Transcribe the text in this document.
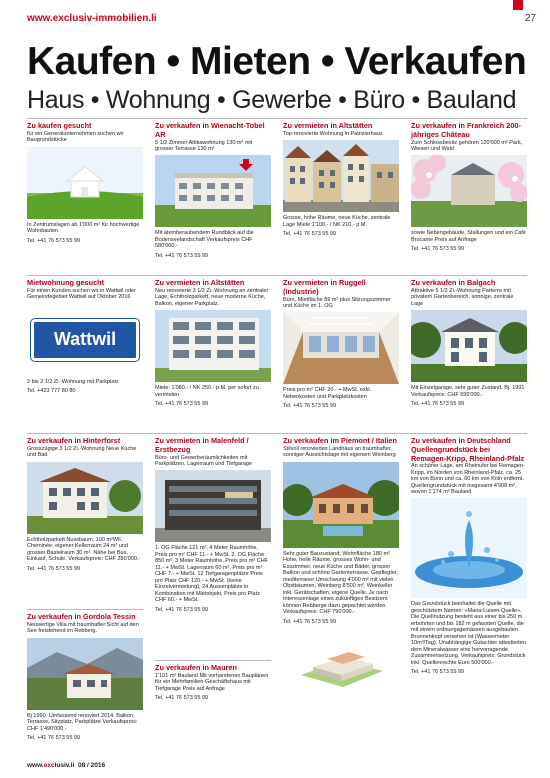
www.exclusiv-immobilien.li	27
Kaufen • Mieten • Verkaufen
Haus • Wohnung • Gewerbe • Büro • Bauland
Zu kaufen gesucht
für ein Generalunternehmen suchen wir Baugrundstücke
In Zentrumslagen ab 1'000 m² für hochwertige Wohnbauten
Tel. +41 76 573 55 99
Zu verkaufen in Wienacht-Tobel AR
5 1/2 Zimmer Attikawohnung 130 m² mit grosser Terrasse 130 m²
Mit atemberaubendem Rundblick auf die Bodenseelandschaft Verkaufspreis CHF 580'000.-
Tel. +41 76 573 55 99
Zu vermieten in Altstätten
Top-renovierte Wohnung in Patrizierhaus
Grosse, hohe Räume, neue Küche, zentrale Lage Miete 1'100.- / NK 210.- p.M.
Tel. +41 76 573 55 99
Zu verkaufen in Frankreich 200-jähriges Château
Zum Schlossbesitz gehören 120'000 m² Park, Wiesen und Wald
sowie Nebengebäude, Stallungen und ein Café Brocante Preis auf Anfrage
Tel. +41 76 573 55 99
Mietwohnung gesucht
Für einen Kunden suchen wir in Wattwil oder Gemeindegebiet Wattwil auf Oktober 2016
Wattwil
2 bis 2 1/2 Zi.-Wohnung mit Parkplatz
Tel. +423 777 80 80
Zu vermieten in Altstätten
Neu renovierte 3 1/2 Zi.-Wohnung an zentraler Lage, Echtholzparkett, neue moderne Küche, Balkon, eigener Parkplatz.
Miete: 1'080.- / NK 250.- p.M. per sofort zu vermieten
Tel. +41 76 573 55 99
Zu vermieten in Ruggell (Industrie)
Büro, Mietfläche 89 m² plus Sitzungszimmer und Küche im 1. OG
Preis pro m² CHF 20.- + MwSt. exkl. Nebenkosten und Parkplatzkosten
Tel. +41 76 573 55 99
Zu verkaufen in Balgach
Attraktive 5 1/2 Zi.-Wohnung Parterre mit privatem Gartenbereich, sonnige, zentrale Lage
Mit Einzelgarage, sehr guter Zustand, Bj. 1991 Verkaufspreis: CHF 595'000.-
Tel. +41 76 573 55 99
Zu verkaufen in Hinterforst
Grosszügige 3 1/2 Zi.-Wohnung Neue Küche und Bad
Echtholzparkett Nussbaum, 100 m²WF, Cheminée, eigener Kellerraum 24 m² und grosser Bastelraum 30 m². Nähe bei Bus, Einkauf, Schule. Verkaufspreis: CHF 280'000.-
Tel. +41 76 573 55 99
Zu verkaufen in Gordola Tessin
Neuwertige Villa mit traumhafter Sicht auf den See freistehend im Rebberg.
Bj 1990. Umfassend renoviert 2014. Balkon, Terrasse, Sitzplatz, Parkplätze Verkaufspreis: CHF 1'490'000.-
Tel. +41 76 573 55 99
Zu vermieten in Malenfeld / Erstbezug
Büro- und Gewerberäumlichkeiten mit Parkplätzen, Lagerraum und Tiefgarage
1. OG Fläche 121 m², 4 Meter Raumhöhe, Preis pro m² CHF 11.- + MwSt. 2. OG Fläche 850 m², 3 Meter Raumhöhe, Preis pro m² CHF 11.- + MwSt. Lagerraum 60 m², Preis pro m² CHF 7.- + MwSt. 12 Tiefgaragenplätze Preis pro Platz CHF 120.- + MwSt. (keine Einzelvermietung), 24 Aussenplätze in Kombination mit Mietobjekt, Preis pro Platz CHF 60.- + MwSt.
Tel. +41 76 573 55 99
Zu verkaufen in Mauren
1'101 m² Bauland Mit vorhandenen Bauplänen für ein Mehrfamilien-Geschäftshaus mit Tiefgarage Preis auf Anfrage
Tel. +41 76 573 55 99
Zu verkaufen im Piemont / Italien
Stilvoll renoviertes Landhaus an traumhafter, sonniger Aussichtslage mit eigenem Weinberg
Sehr guter Bauzustand, Wohnfläche 180 m² Hohe, helle Räume, grosses Wohn- und Esszimmer, neue Küche und Bäder, grosser Balkon und schöne Gartenterrasse. Gepflegter, mediterraner Umschwung 4'000 m² mit vielen Obstbäumen, Weinberg 8'500 m², Weinkeller inkl. Gerätschaften, eigene Quelle. Je nach Interessenlage eines zukünftigen Besitzers können Rebberge dazu gepachtet werden. Verkaufspreis: CHF 790'000.-
Tel. +41 76 573 55 99
Zu verkaufen in Deutschland Quellengrundstück bei Remagen-Kripp, Rheinland-Pfalz
An schöner Lage, am Rheinufer bei Remagen-Kripp, im Norden von Rheinland-Pfalz, ca. 25 km von Bonn und ca. 60 km von Köln entfernt. Quellengrundstück mit insgesamt 4'908 m², wovon 1'174 m² Bauland
Das Grundstück beinhaltet die Quelle mit geschütztem Namen: «Maria-Luisen-Quelle». Die Quellnutzung besteht aus einer bis 250 m erbohrten und bis 182 m gefassten Quelle, die mit einem ordnungsgemässen ausgebauten Brunnenkopf versehen ist (Wassermeter 10m³/Tag). Unabhängige Gutachter attestierten dem Mineralwasser eine hervorragende Zusammensetzung. Verkaufspreis: Grundstück inkl. Quellenrechte Euro 500'000.-
Tel. +41 76 573 55 99
www.exclusiv.li 08 / 2016
